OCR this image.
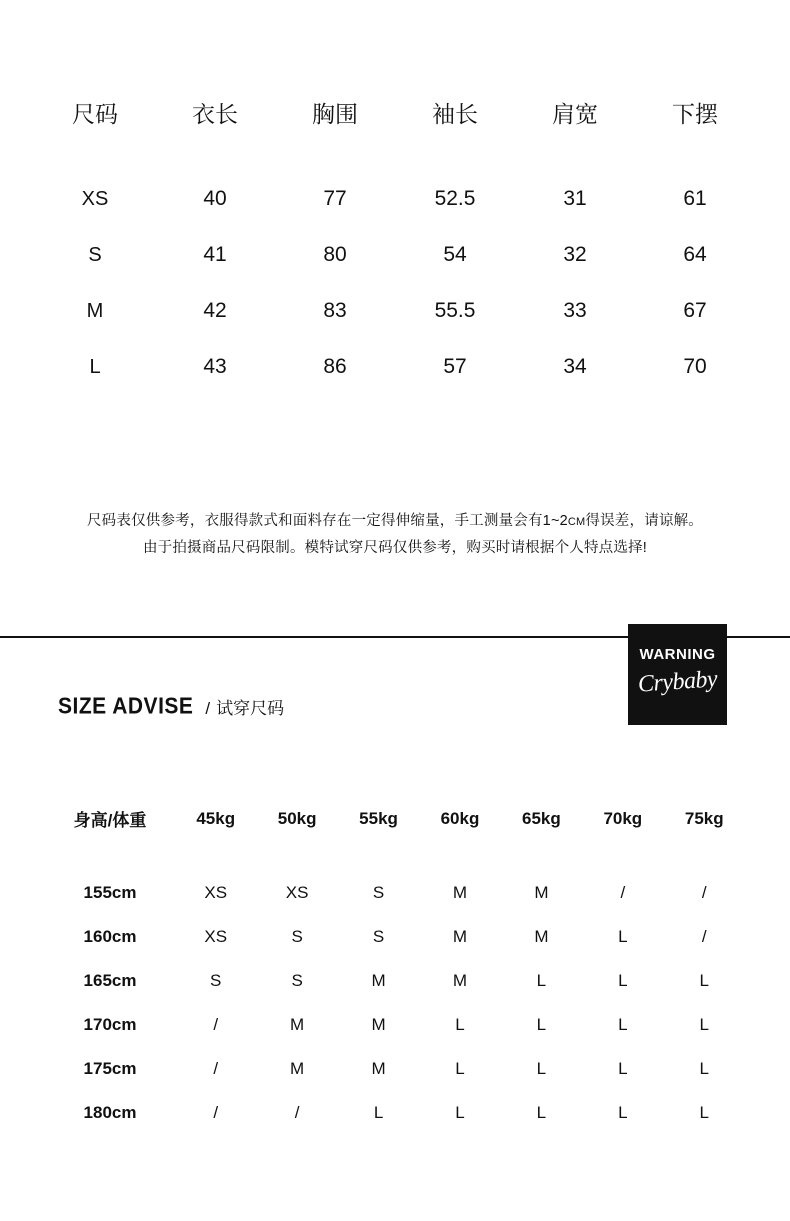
尺码	衣长	胸围	袖长	肩宽	下摆
XS	40	77	52.5	31	61
S	41	80	54	32	64
M	42	83	55.5	33	67
L	43	86	57	34	70
尺码表仅供参考，衣服得款式和面料存在一定得伸缩量，手工测量会有1~2CM得误差，请谅解。
由于拍摄商品尺码限制。模特试穿尺码仅供参考，购买时请根据个人特点选择!
WARNING
Crybaby
SIZE ADVISE / 试穿尺码
身高/体重	45kg	50kg	55kg	60kg	65kg	70kg	75kg
155cm	XS	XS	S	M	M	/	/
160cm	XS	S	S	M	M	L	/
165cm	S	S	M	M	L	L	L
170cm	/	M	M	L	L	L	L
175cm	/	M	M	L	L	L	L
180cm	/	/	L	L	L	L	L
